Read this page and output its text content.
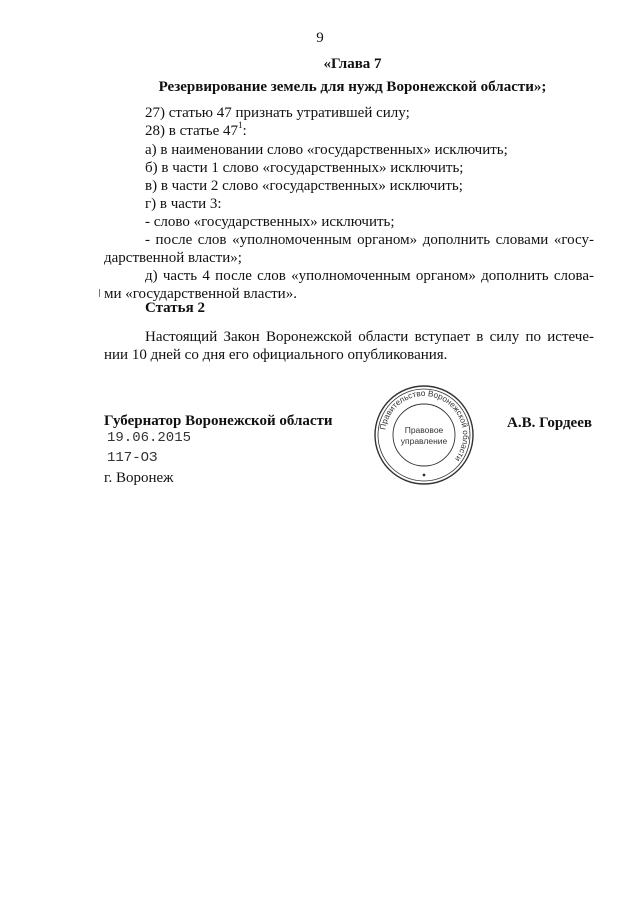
9
«Глава 7
Резервирование земель для нужд Воронежской области»;
27) статью 47 признать утратившей силу;
28) в статье $47^1$:
а) в наименовании слово «государственных» исключить;
б) в части 1 слово «государственных» исключить;
в) в части 2 слово «государственных» исключить;
г) в части 3:
- слово «государственных» исключить;
- после слов «уполномоченным органом» дополнить словами «госу-
дарственной власти»;
д) часть 4 после слов «уполномоченным органом» дополнить слова-
ми «государственной власти».
Статья 2
Настоящий Закон Воронежской области вступает в силу по истече-
нии 10 дней со дня его официального опубликования.
Губернатор Воронежской области	Правительство Воронежской области
Правовое
управление
А.В. Гордеев
19.06.2015
117-ОЗ
г. Воронеж
